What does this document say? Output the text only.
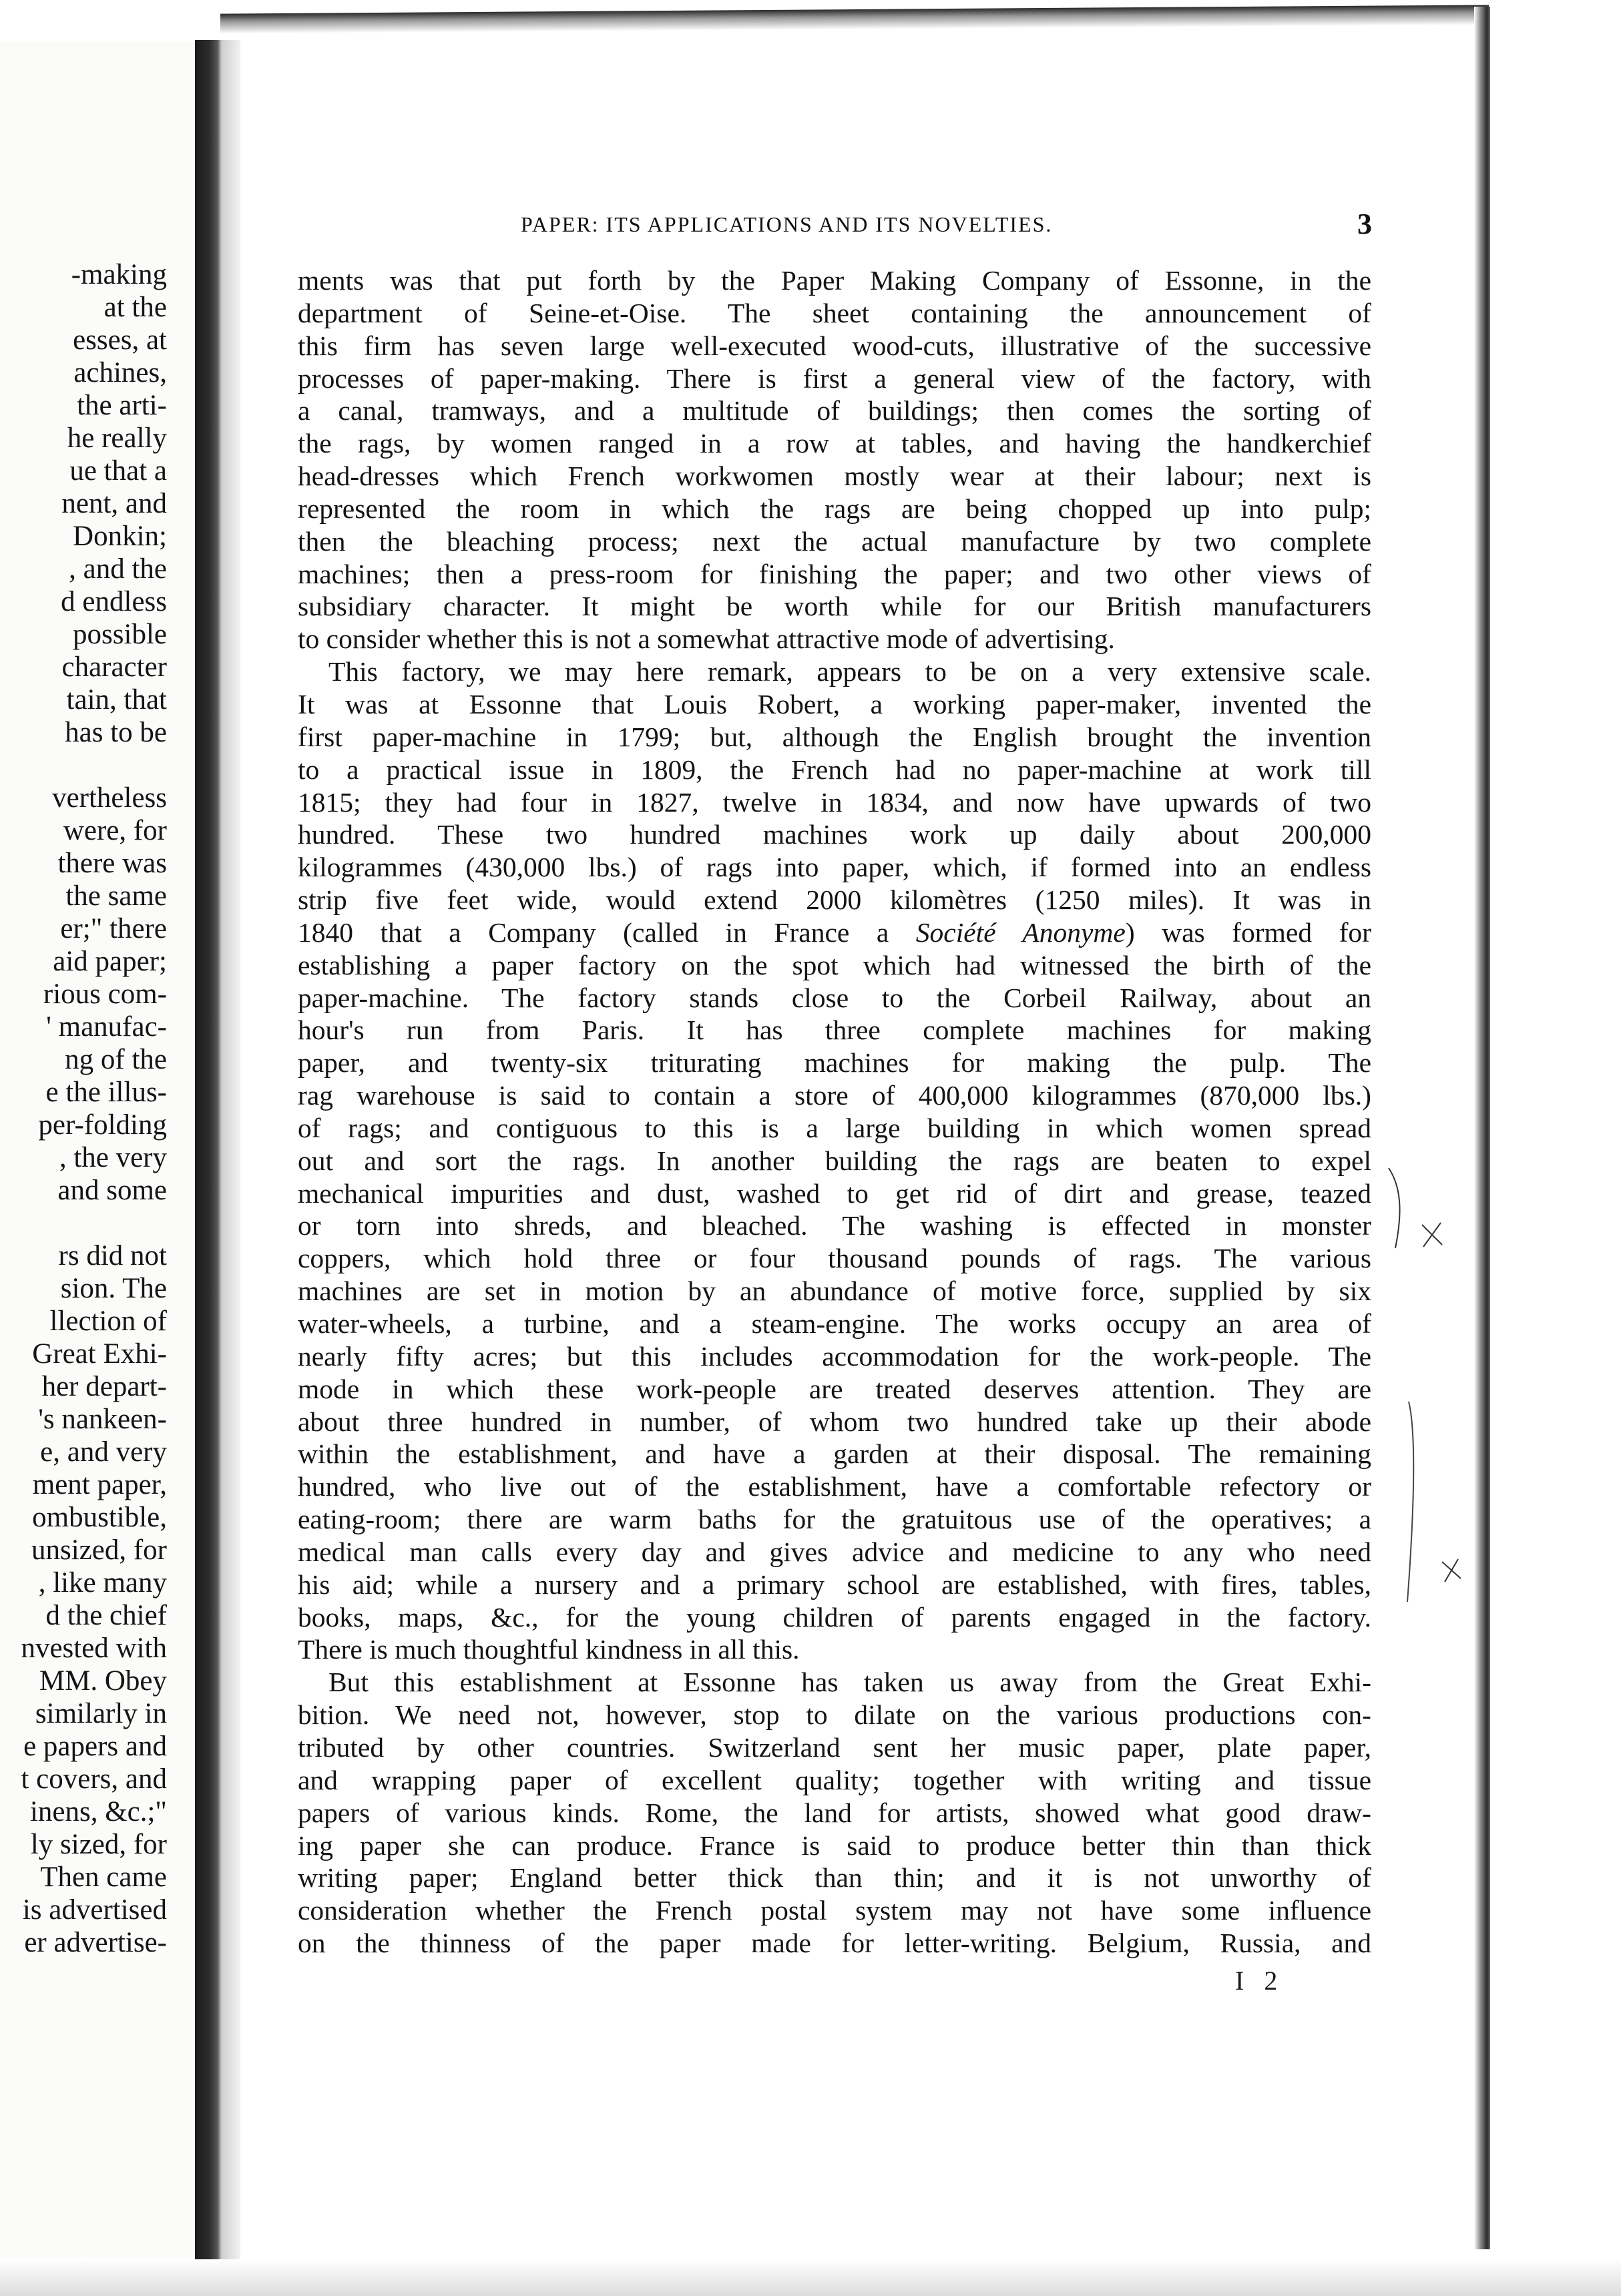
-making
at the
esses, at
achines,
the arti-
he really
ue that a
nent, and
Donkin;
, and the
d endless
possible
character
tain, that
has to be
vertheless
were, for
there was
the same
er;" there
aid paper;
rious com-
' manufac-
ng of the
e the illus-
per-folding
, the very
and some
rs did not
sion. The
llection of
Great Exhi-
her depart-
's nankeen-
e, and very
ment paper,
ombustible,
unsized, for
, like many
d the chief
nvested with
MM. Obey
similarly in
e papers and
t covers, and
inens, &c.;"
ly sized, for
Then came
is advertised
er advertise-
PAPER: ITS APPLICATIONS AND ITS NOVELTIES.	3
ments was that put forth by the Paper Making Company of Essonne, in the
department of Seine-et-Oise. The sheet containing the announcement of
this firm has seven large well-executed wood-cuts, illustrative of the successive
processes of paper-making. There is first a general view of the factory, with
a canal, tramways, and a multitude of buildings; then comes the sorting of
the rags, by women ranged in a row at tables, and having the handkerchief
head-dresses which French workwomen mostly wear at their labour; next is
represented the room in which the rags are being chopped up into pulp;
then the bleaching process; next the actual manufacture by two complete
machines; then a press-room for finishing the paper; and two other views of
subsidiary character. It might be worth while for our British manufacturers
to consider whether this is not a somewhat attractive mode of advertising.
This factory, we may here remark, appears to be on a very extensive scale.
It was at Essonne that Louis Robert, a working paper-maker, invented the
first paper-machine in 1799; but, although the English brought the invention
to a practical issue in 1809, the French had no paper-machine at work till
1815; they had four in 1827, twelve in 1834, and now have upwards of two
hundred. These two hundred machines work up daily about 200,000
kilogrammes (430,000 lbs.) of rags into paper, which, if formed into an endless
strip five feet wide, would extend 2000 kilomètres (1250 miles). It was in
1840 that a Company (called in France a Société Anonyme) was formed for
establishing a paper factory on the spot which had witnessed the birth of the
paper-machine. The factory stands close to the Corbeil Railway, about an
hour's run from Paris. It has three complete machines for making
paper, and twenty-six triturating machines for making the pulp. The
rag warehouse is said to contain a store of 400,000 kilogrammes (870,000 lbs.)
of rags; and contiguous to this is a large building in which women spread
out and sort the rags. In another building the rags are beaten to expel
mechanical impurities and dust, washed to get rid of dirt and grease, teazed
or torn into shreds, and bleached. The washing is effected in monster
coppers, which hold three or four thousand pounds of rags. The various
machines are set in motion by an abundance of motive force, supplied by six
water-wheels, a turbine, and a steam-engine. The works occupy an area of
nearly fifty acres; but this includes accommodation for the work-people. The
mode in which these work-people are treated deserves attention. They are
about three hundred in number, of whom two hundred take up their abode
within the establishment, and have a garden at their disposal. The remaining
hundred, who live out of the establishment, have a comfortable refectory or
eating-room; there are warm baths for the gratuitous use of the operatives; a
medical man calls every day and gives advice and medicine to any who need
his aid; while a nursery and a primary school are established, with fires, tables,
books, maps, &c., for the young children of parents engaged in the factory.
There is much thoughtful kindness in all this.
But this establishment at Essonne has taken us away from the Great Exhi-
bition. We need not, however, stop to dilate on the various productions con-
tributed by other countries. Switzerland sent her music paper, plate paper,
and wrapping paper of excellent quality; together with writing and tissue
papers of various kinds. Rome, the land for artists, showed what good draw-
ing paper she can produce. France is said to produce better thin than thick
writing paper; England better thick than thin; and it is not unworthy of
consideration whether the French postal system may not have some influence
on the thinness of the paper made for letter-writing. Belgium, Russia, and
I 2
